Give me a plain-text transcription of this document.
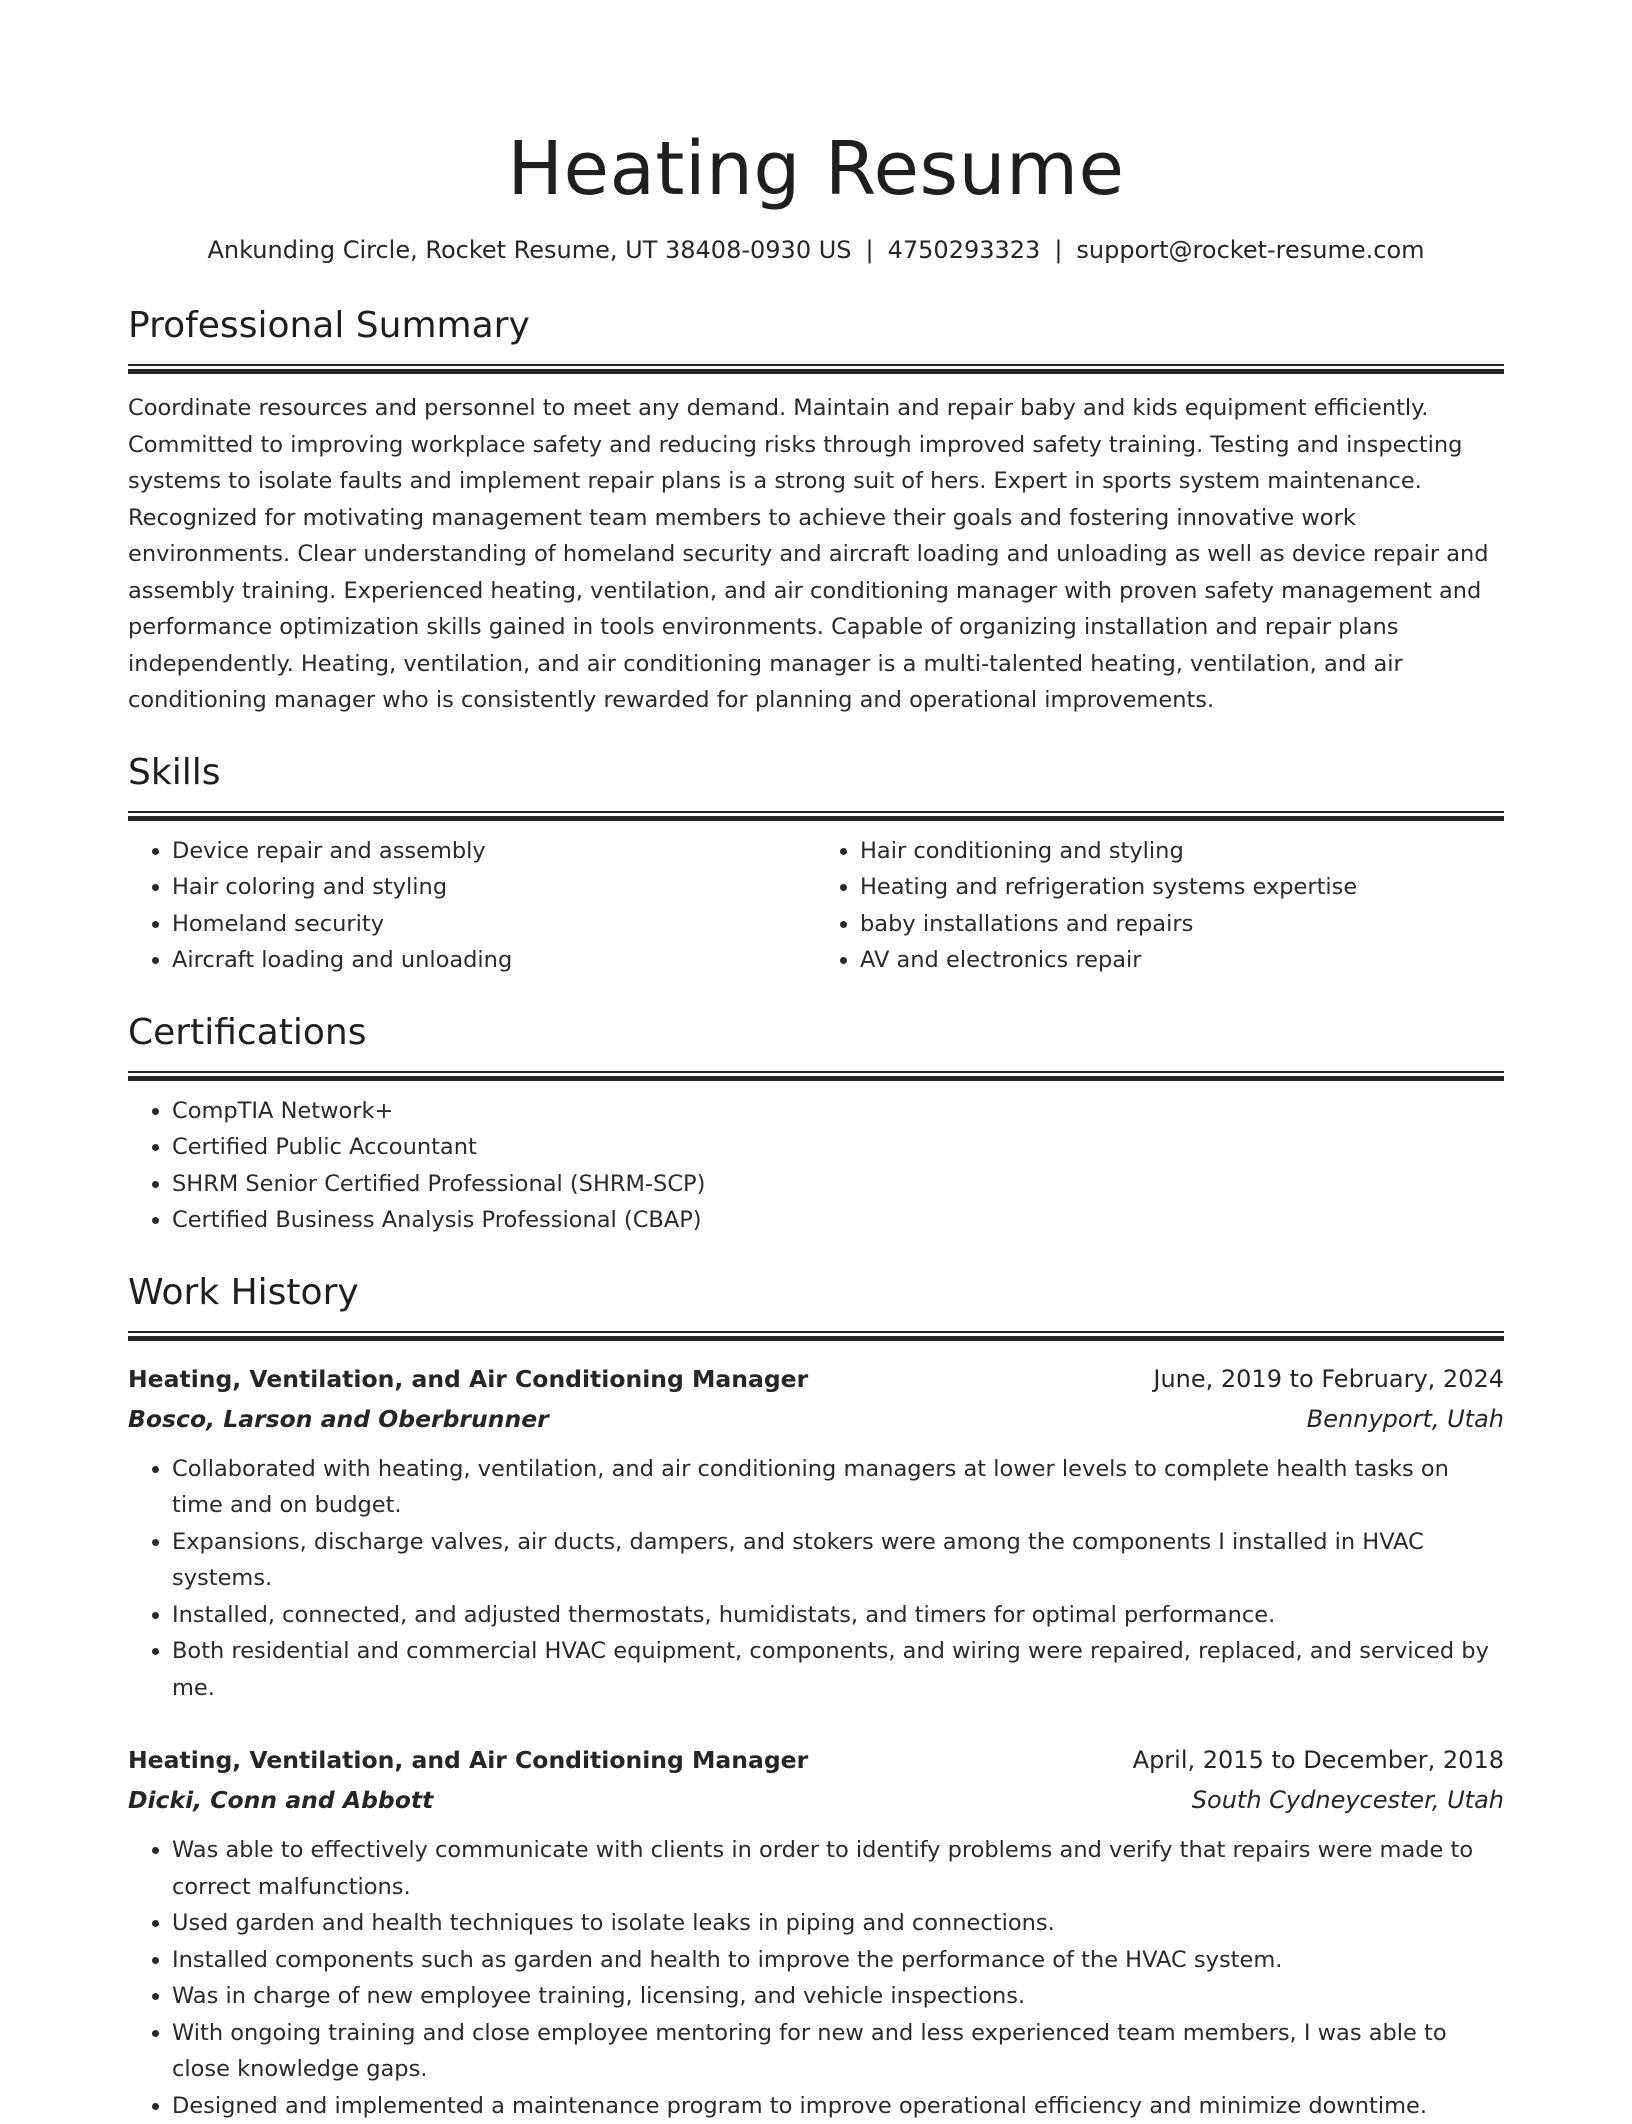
Heating Resume
Ankunding Circle, Rocket Resume, UT 38408-0930 US | 4750293323 | support@rocket-resume.com
Professional Summary

Coordinate resources and personnel to meet any demand. Maintain and repair baby and kids equipment efficiently. Committed to improving workplace safety and reducing risks through improved safety training. Testing and inspecting systems to isolate faults and implement repair plans is a strong suit of hers. Expert in sports system maintenance. Recognized for motivating management team members to achieve their goals and fostering innovative work environments. Clear understanding of homeland security and aircraft loading and unloading as well as device repair and assembly training. Experienced heating, ventilation, and air conditioning manager with proven safety management and performance optimization skills gained in tools environments. Capable of organizing installation and repair plans independently. Heating, ventilation, and air conditioning manager is a multi-talented heating, ventilation, and air conditioning manager who is consistently rewarded for planning and operational improvements.

Skills
• Device repair and assembly
• Hair coloring and styling
• Homeland security
• Aircraft loading and unloading
• Hair conditioning and styling
• Heating and refrigeration systems expertise
• baby installations and repairs
• AV and electronics repair
Certifications
• CompTIA Network+
• Certified Public Accountant
• SHRM Senior Certified Professional (SHRM-SCP)
• Certified Business Analysis Professional (CBAP)
Work History
Heating, Ventilation, and Air Conditioning Manager	June, 2019 to February, 2024
Bosco, Larson and Oberbrunner	Bennyport, Utah
• Collaborated with heating, ventilation, and air conditioning managers at lower levels to complete health tasks on time and on budget.
• Expansions, discharge valves, air ducts, dampers, and stokers were among the components I installed in HVAC systems.
• Installed, connected, and adjusted thermostats, humidistats, and timers for optimal performance.
• Both residential and commercial HVAC equipment, components, and wiring were repaired, replaced, and serviced by me.
Heating, Ventilation, and Air Conditioning Manager	April, 2015 to December, 2018
Dicki, Conn and Abbott	South Cydneycester, Utah
• Was able to effectively communicate with clients in order to identify problems and verify that repairs were made to correct malfunctions.
• Used garden and health techniques to isolate leaks in piping and connections.
• Installed components such as garden and health to improve the performance of the HVAC system.
• Was in charge of new employee training, licensing, and vehicle inspections.
• With ongoing training and close employee mentoring for new and less experienced team members, I was able to close knowledge gaps.
• Designed and implemented a maintenance program to improve operational efficiency and minimize downtime.
